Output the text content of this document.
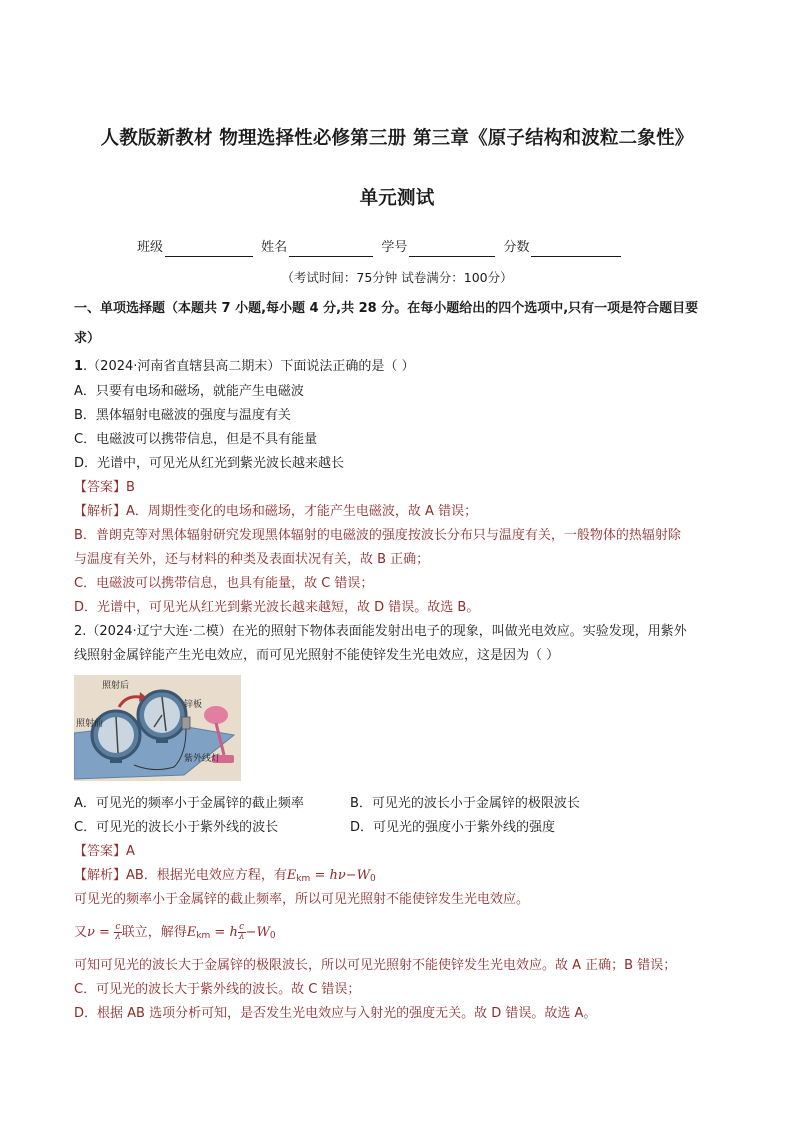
人教版新教材 物理选择性必修第三册 第三章《原子结构和波粒二象性》
单元测试
班级	姓名	学号	分数
（考试时间：75分钟 试卷满分：100分）
一、单项选择题（本题共 7 小题,每小题 4 分,共 28 分。在每小题给出的四个选项中,只有一项是符合题目要
求）
1.（2024·河南省直辖县高二期末）下面说法正确的是（ ）
A．只要有电场和磁场，就能产生电磁波
B．黑体辐射电磁波的强度与温度有关
C．电磁波可以携带信息，但是不具有能量
D．光谱中，可见光从红光到紫光波长越来越长
【答案】B
【解析】A．周期性变化的电场和磁场，才能产生电磁波，故 A 错误；
B．普朗克等对黑体辐射研究发现黑体辐射的电磁波的强度按波长分布只与温度有关，一般物体的热辐射除
与温度有关外，还与材料的种类及表面状况有关，故 B 正确；
C．电磁波可以携带信息，也具有能量，故 C 错误；
D．光谱中，可见光从红光到紫光波长越来越短，故 D 错误。故选 B。
2.（2024·辽宁大连·二模）在光的照射下物体表面能发射出电子的现象，叫做光电效应。实验发现，用紫外
线照射金属锌能产生光电效应，而可见光照射不能使锌发生光电效应，这是因为（ ）
照射后
照射前
锌板
紫外线灯
A．可见光的频率小于金属锌的截止频率	B．可见光的波长小于金属锌的极限波长
C．可见光的波长小于紫外线的波长	D．可见光的强度小于紫外线的强度
【答案】A
【解析】AB．根据光电效应方程，有$E_{km} = h\nu-W_0$
可见光的频率小于金属锌的截止频率，所以可见光照射不能使锌发生光电效应。
又$\nu = \frac{c}{\lambda}$ 联立，解得$E_{km} = h \frac{c}{\lambda} -W_0$
可知可见光的波长大于金属锌的极限波长，所以可见光照射不能使锌发生光电效应。故 A 正确；B 错误；
C．可见光的波长大于紫外线的波长。故 C 错误；
D．根据 AB 选项分析可知，是否发生光电效应与入射光的强度无关。故 D 错误。故选 A。
